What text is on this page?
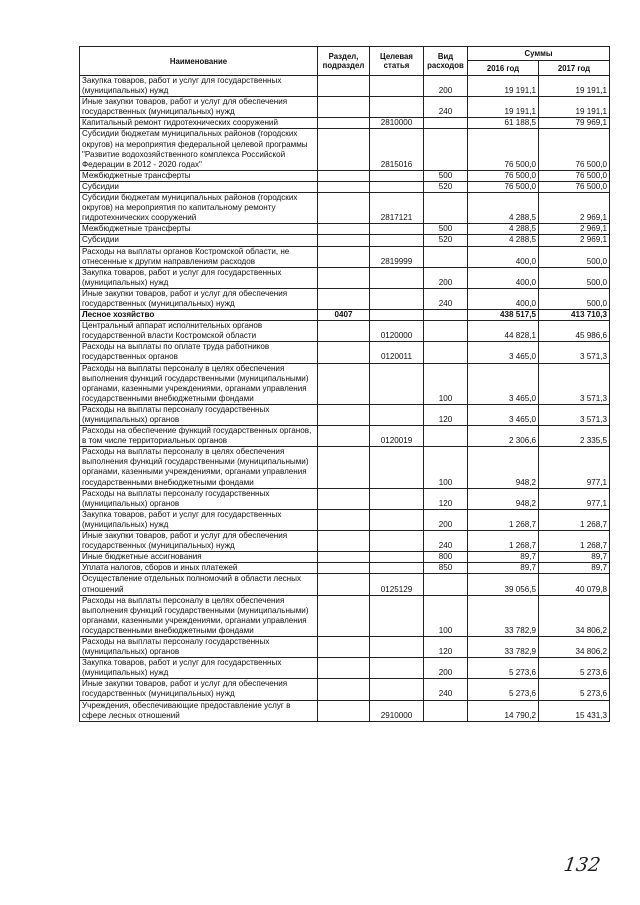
Наименование	Раздел, подраздел	Целевая статья	Вид расходов	Суммы	
				2016 год	2017 год
Закупка товаров, работ и услуг для государственных (муниципальных) нужд			200	19 191,1	19 191,1
Иные закупки товаров, работ и услуг для обеспечения государственных (муниципальных) нужд			240	19 191,1	19 191,1
Капитальный ремонт гидротехнических сооружений		2810000		61 188,5	79 969,1
Субсидии бюджетам муниципальных районов (городских округов) на мероприятия федеральной целевой программы "Развитие водохозяйственного комплекса Российской Федерации в 2012 - 2020 годах"		2815016		76 500,0	76 500,0
Межбюджетные трансферты			500	76 500,0	76 500,0
Субсидии			520	76 500,0	76 500,0
Субсидии бюджетам муниципальных районов (городских округов) на мероприятия по капитальному ремонту гидротехнических сооружений		2817121		4 288,5	2 969,1
Межбюджетные трансферты			500	4 288,5	2 969,1
Субсидии			520	4 288,5	2 969,1
Расходы на выплаты органов Костромской области, не отнесенные к другим направлениям расходов		2819999		400,0	500,0
Закупка товаров, работ и услуг для государственных (муниципальных) нужд			200	400,0	500,0
Иные закупки товаров, работ и услуг для обеспечения государственных (муниципальных) нужд			240	400,0	500,0
Лесное хозяйство	0407			438 517,5	413 710,3
Центральный аппарат исполнительных органов государственной власти Костромской области		0120000		44 828,1	45 986,6
Расходы на выплаты по оплате труда работников государственных органов		0120011		3 465,0	3 571,3
Расходы на выплаты персоналу в целях обеспечения выполнения функций государственными (муниципальными) органами, казенными учреждениями, органами управления государственными внебюджетными фондами			100	3 465,0	3 571,3
Расходы на выплаты персоналу государственных (муниципальных) органов			120	3 465,0	3 571,3
Расходы на обеспечение функций государственных органов, в том числе территориальных органов		0120019		2 306,6	2 335,5
Расходы на выплаты персоналу в целях обеспечения выполнения функций государственными (муниципальными) органами, казенными учреждениями, органами управления государственными внебюджетными фондами			100	948,2	977,1
Расходы на выплаты персоналу государственных (муниципальных) органов			120	948,2	977,1
Закупка товаров, работ и услуг для государственных (муниципальных) нужд			200	1 268,7	1 268,7
Иные закупки товаров, работ и услуг для обеспечения государственных (муниципальных) нужд			240	1 268,7	1 268,7
Иные бюджетные ассигнования			800	89,7	89,7
Уплата налогов, сборов и иных платежей			850	89,7	89,7
Осуществление отдельных полномочий в области лесных отношений		0125129		39 056,5	40 079,8
Расходы на выплаты персоналу в целях обеспечения выполнения функций государственными (муниципальными) органами, казенными учреждениями, органами управления государственными внебюджетными фондами			100	33 782,9	34 806,2
Расходы на выплаты персоналу государственных (муниципальных) органов			120	33 782,9	34 806,2
Закупка товаров, работ и услуг для государственных (муниципальных) нужд			200	5 273,6	5 273,6
Иные закупки товаров, работ и услуг для обеспечения государственных (муниципальных) нужд			240	5 273,6	5 273,6
Учреждения, обеспечивающие предоставление услуг в сфере лесных отношений		2910000		14 790,2	15 431,3
132
